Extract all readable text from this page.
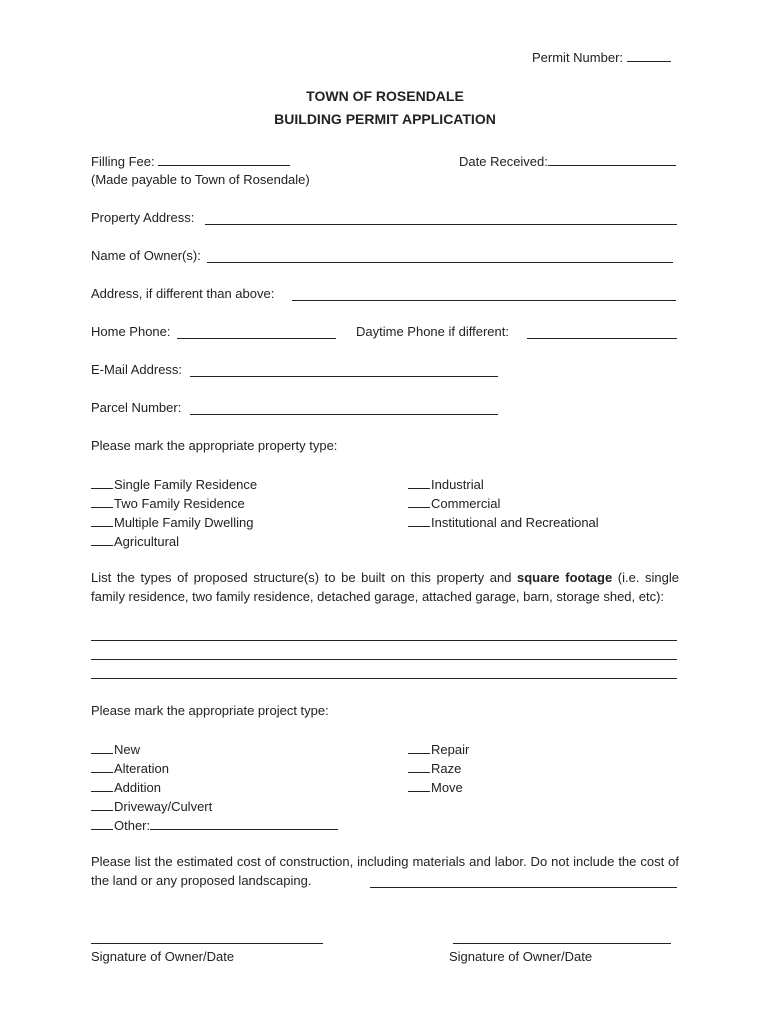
Permit Number:
TOWN OF ROSENDALE
BUILDING PERMIT APPLICATION
Filling Fee:
(Made payable to Town of Rosendale)
Date Received:
Property Address:
Name of Owner(s):
Address, if different than above:
Home Phone:	Daytime Phone if different:
E-Mail Address:
Parcel Number:
Please mark the appropriate property type:
Single Family Residence
Two Family Residence
Multiple Family Dwelling
Agricultural
Industrial
Commercial
Institutional and Recreational
List the types of proposed structure(s) to be built on this property and square footage (i.e. single family residence, two family residence, detached garage, attached garage, barn, storage shed, etc):
Please mark the appropriate project type:
New
Alteration
Addition
Driveway/Culvert
Other:
Repair
Raze
Move
Please list the estimated cost of construction, including materials and labor. Do not include the cost of the land or any proposed landscaping.
Signature of Owner/Date	Signature of Owner/Date
